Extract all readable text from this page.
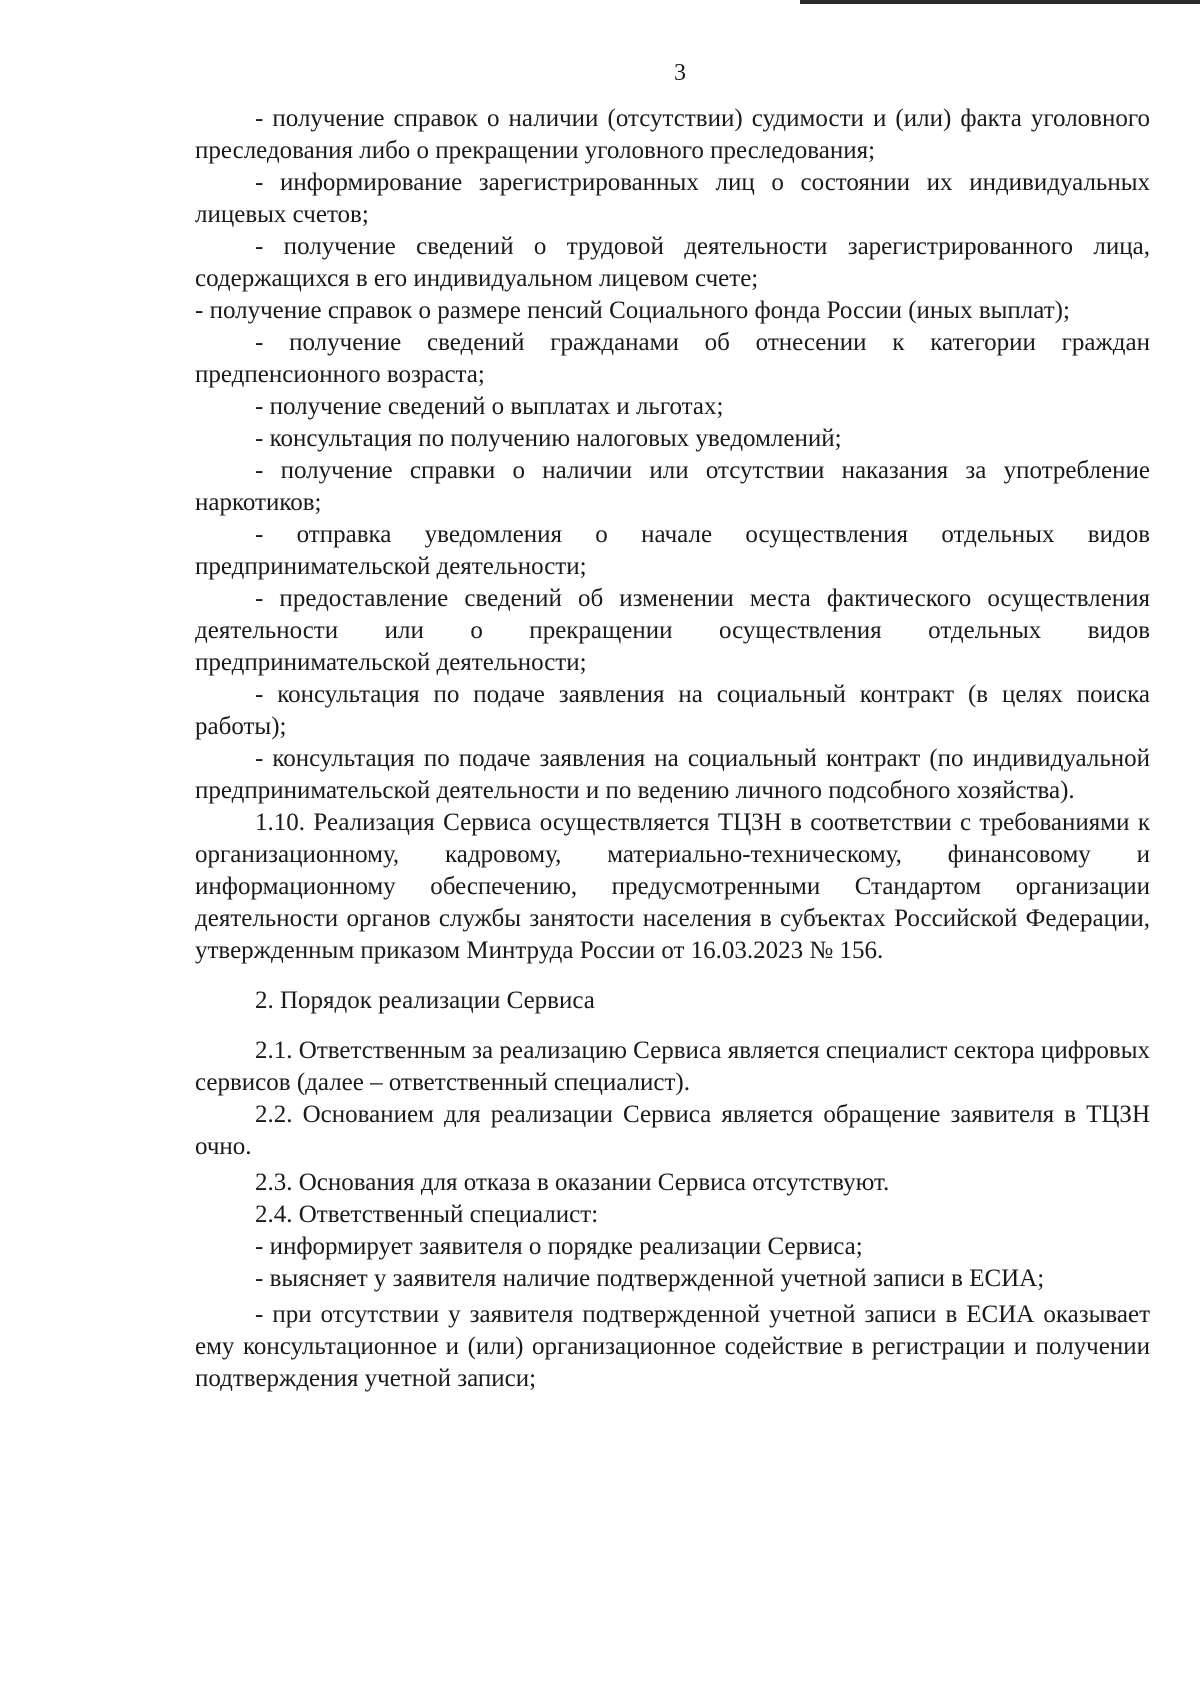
3

- получение справок о наличии (отсутствии) судимости и (или) факта уголовного преследования либо о прекращении уголовного преследования;

- информирование зарегистрированных лиц о состоянии их индивидуальных лицевых счетов;

- получение сведений о трудовой деятельности зарегистрированного лица, содержащихся в его индивидуальном лицевом счете;

- получение справок о размере пенсий Социального фонда России (иных выплат);

- получение сведений гражданами об отнесении к категории граждан предпенсионного возраста;

- получение сведений о выплатах и льготах;

- консультация по получению налоговых уведомлений;

- получение справки о наличии или отсутствии наказания за употребление наркотиков;

- отправка уведомления о начале осуществления отдельных видов предпринимательской деятельности;

- предоставление сведений об изменении места фактического осуществления деятельности или о прекращении осуществления отдельных видов предпринимательской деятельности;

- консультация по подаче заявления на социальный контракт (в целях поиска работы);

- консультация по подаче заявления на социальный контракт (по индивидуальной предпринимательской деятельности и по ведению личного подсобного хозяйства).

1.10. Реализация Сервиса осуществляется ТЦЗН в соответствии с требованиями к организационному, кадровому, материально-техническому, финансовому и информационному обеспечению, предусмотренными Стандартом организации деятельности органов службы занятости населения в субъектах Российской Федерации, утвержденным приказом Минтруда России от 16.03.2023 № 156.

2. Порядок реализации Сервиса

2.1. Ответственным за реализацию Сервиса является специалист сектора цифровых сервисов (далее – ответственный специалист).

2.2. Основанием для реализации Сервиса является обращение заявителя в ТЦЗН очно.

2.3. Основания для отказа в оказании Сервиса отсутствуют.

2.4. Ответственный специалист:

- информирует заявителя о порядке реализации Сервиса;

- выясняет у заявителя наличие подтвержденной учетной записи в ЕСИА;

- при отсутствии у заявителя подтвержденной учетной записи в ЕСИА оказывает ему консультационное и (или) организационное содействие в регистрации и получении подтверждения учетной записи;
